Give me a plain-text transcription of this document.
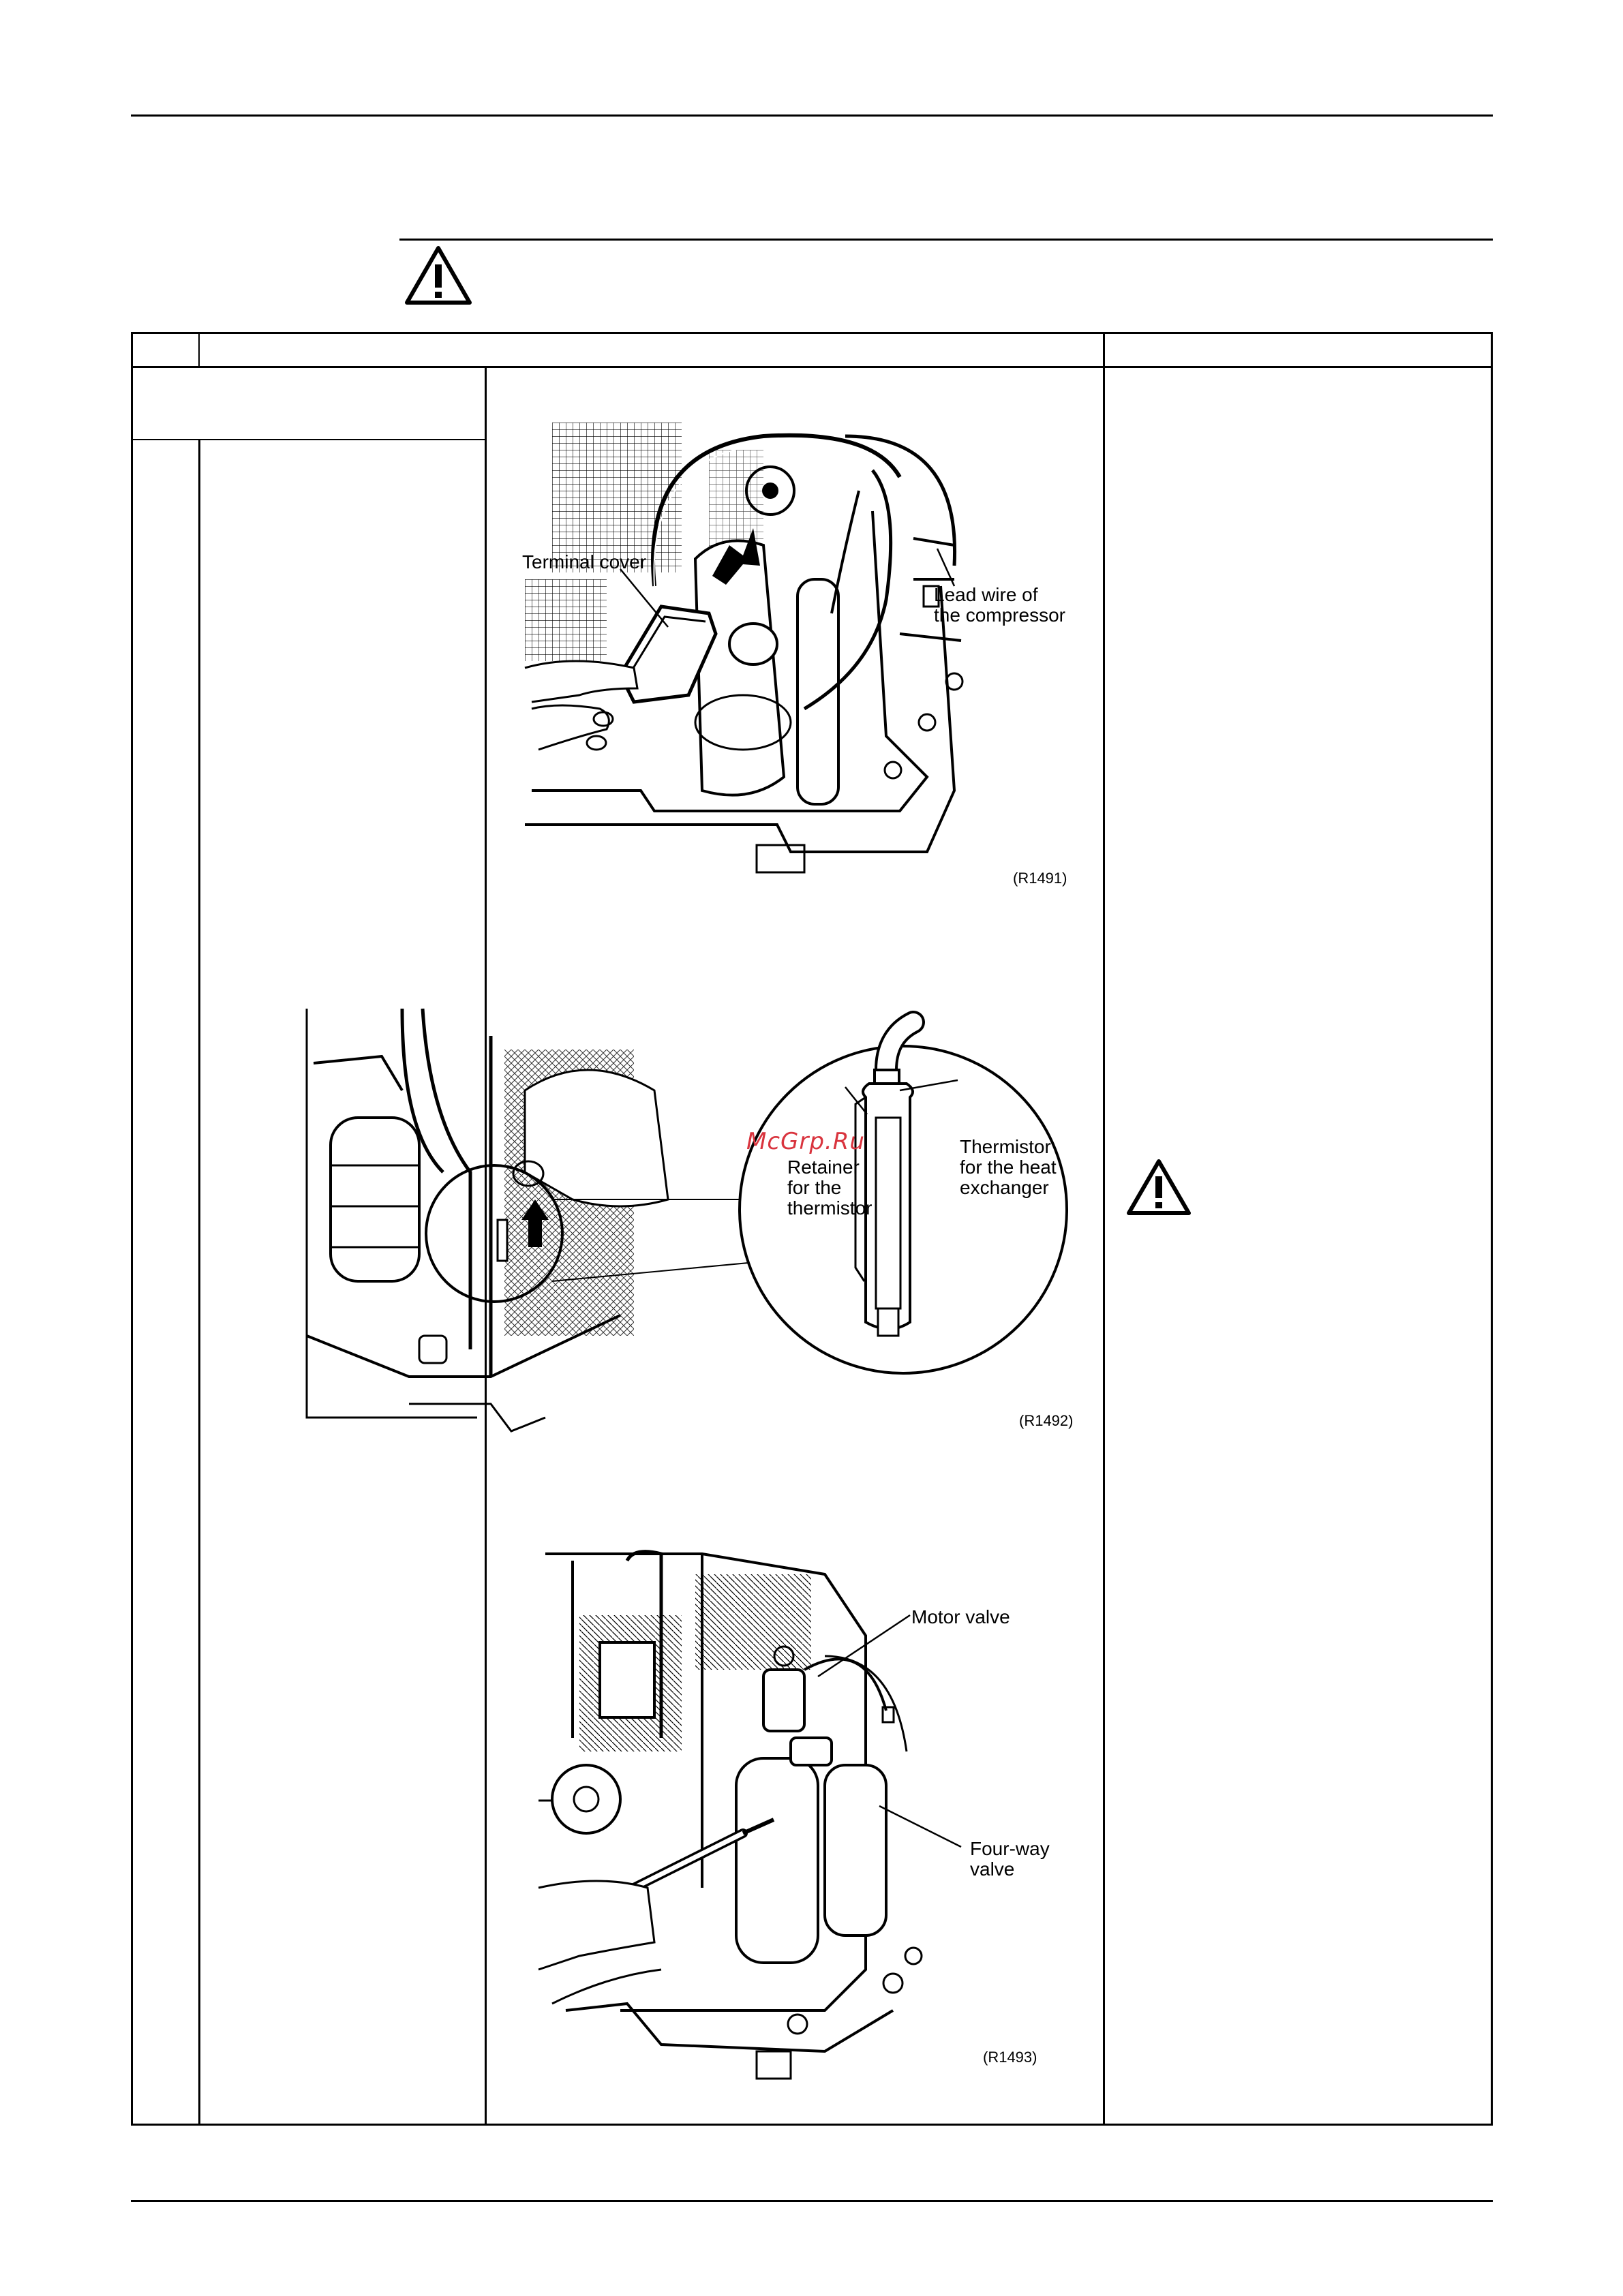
Terminal cover
Lead wire of
the compressor
(R1491)
Retainer
for the
thermistor
Thermistor
for the heat
exchanger
(R1492)
McGrp.Ru
Motor valve
Four-way
valve
(R1493)
